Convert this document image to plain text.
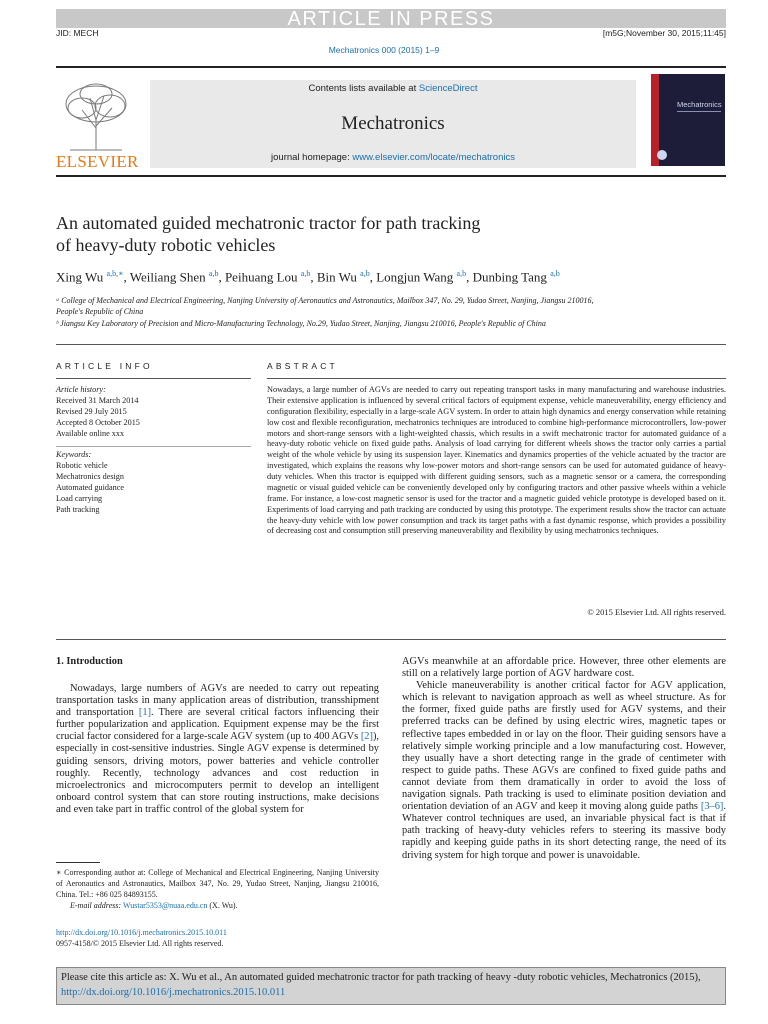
ARTICLE IN PRESS
JID: MECH	[m5G;November 30, 2015;11:45]
Mechatronics 000 (2015) 1–9
ELSEVIER
Contents lists available at ScienceDirect
Mechatronics
journal homepage: www.elsevier.com/locate/mechatronics
Mechatronics
An automated guided mechatronic tractor for path tracking
of heavy-duty robotic vehicles
Xing Wu $^{a,b,∗}$, Weiliang Shen $^{a,b}$, Peihuang Lou $^{a,b}$, Bin Wu $^{a,b}$, Longjun Wang $^{a,b}$, Dunbing Tang $^{a,b}$
ᵃ College of Mechanical and Electrical Engineering, Nanjing University of Aeronautics and Astronautics, Mailbox 347, No. 29, Yudao Street, Nanjing, Jiangsu 210016, People's Republic of China
ᵇ Jiangsu Key Laboratory of Precision and Micro-Manufacturing Technology, No.29, Yudao Street, Nanjing, Jiangsu 210016, People's Republic of China
ARTICLE INFO	ABSTRACT
Article history:
Received 31 March 2014
Revised 29 July 2015
Accepted 8 October 2015
Available online xxx
Keywords:
Robotic vehicle
Mechatronics design
Automated guidance
Load carrying
Path tracking
Nowadays, a large number of AGVs are needed to carry out repeating transport tasks in many manufacturing and warehouse industries. Their extensive application is influenced by several critical factors of equipment expense, vehicle maneuverability, energy efficiency and configuration flexibility, especially in a large-scale AGV system. In order to attain high dynamics and energy conservation while retaining low cost and flexible reconfiguration, mechatronics techniques are introduced to combine high-performance microcontrollers, low-power motors and short-range sensors with a light-weighted chassis, which results in a swift mechatronic tractor for automated guidance of a heavy-duty robotic vehicle on fixed guide paths. Analysis of load carrying for different wheels shows the tractor only carries a partial weight of the whole vehicle by using its suspension layer. Kinematics and dynamics properties of the vehicle actuated by the tractor are investigated, which explains the reasons why low-power motors and short-range sensors can be used for automated guidance of heavy-duty vehicles. When this tractor is equipped with different guiding sensors, such as a magnetic sensor or a camera, the corresponding magnetic or visual guided vehicle can be conveniently developed only by configuring tractors and other passive wheels within a vehicle frame. For instance, a low-cost magnetic sensor is used for the tractor and a magnetic guided vehicle prototype is developed based on it. Experiments of load carrying and path tracking are conducted by using this prototype. The experiment results show the tractor can actuate the heavy-duty vehicle with low power consumption and track its target paths with a fast dynamic response, which provides a possibility of decreasing cost and consumption still preserving maneuverability and flexibility by using mechatronics techniques.
© 2015 Elsevier Ltd. All rights reserved.
1. Introduction

Nowadays, large numbers of AGVs are needed to carry out repeating transportation tasks in many application areas of distribution, transshipment and transportation [1]. There are several critical factors influencing their further popularization and application. Equipment expense may be the first crucial factor considered for a large-scale AGV system (up to 400 AGVs [2]), especially in cost-sensitive industries. Single AGV expense is determined by guiding sensors, driving motors, power batteries and vehicle controller roughly. Recently, technology advances and cost reduction in microelectronics and microcomputers permit to develop an intelligent onboard control system that can store routing instructions, make decisions and even take part in traffic control of the global system for

AGVs meanwhile at an affordable price. However, three other elements are still on a relatively large portion of AGV hardware cost.

Vehicle maneuverability is another critical factor for AGV application, which is relevant to navigation approach as well as wheel structure. As for the former, fixed guide paths are firstly used for AGV systems, and their preferred tracks can be defined by using electric wires, magnetic tapes or reflective tapes embedded in or lay on the floor. Their guiding sensors have a relatively simple working principle and a low manufacturing cost. However, they usually have a short detecting range in the grade of centimeter with respect to guide paths. These AGVs are confined to fixed guide paths and cannot deviate from them dramatically in order to avoid the loss of navigation signals. Path tracking is used to eliminate position deviation and orientation deviation of an AGV and keep it moving along guide paths [3–6]. Whatever control techniques are used, an invariable physical fact is that if path tracking of heavy-duty vehicles refers to steering its massive body rapidly and keeping guide paths in its short detecting range, the need of its driving system for high torque and power is unavoidable.

∗ Corresponding author at: College of Mechanical and Electrical Engineering, Nanjing University of Aeronautics and Astronautics, Mailbox 347, No. 29, Yudao Street, Nanjing, Jiangsu 210016, China. Tel.: +86 025 84893155.
E-mail address: Wustar5353@nuaa.edu.cn (X. Wu).
http://dx.doi.org/10.1016/j.mechatronics.2015.10.011
0957-4158/© 2015 Elsevier Ltd. All rights reserved.
Please cite this article as: X. Wu et al., An automated guided mechatronic tractor for path tracking of heavy -duty robotic vehicles, Mechatronics (2015), http://dx.doi.org/10.1016/j.mechatronics.2015.10.011
